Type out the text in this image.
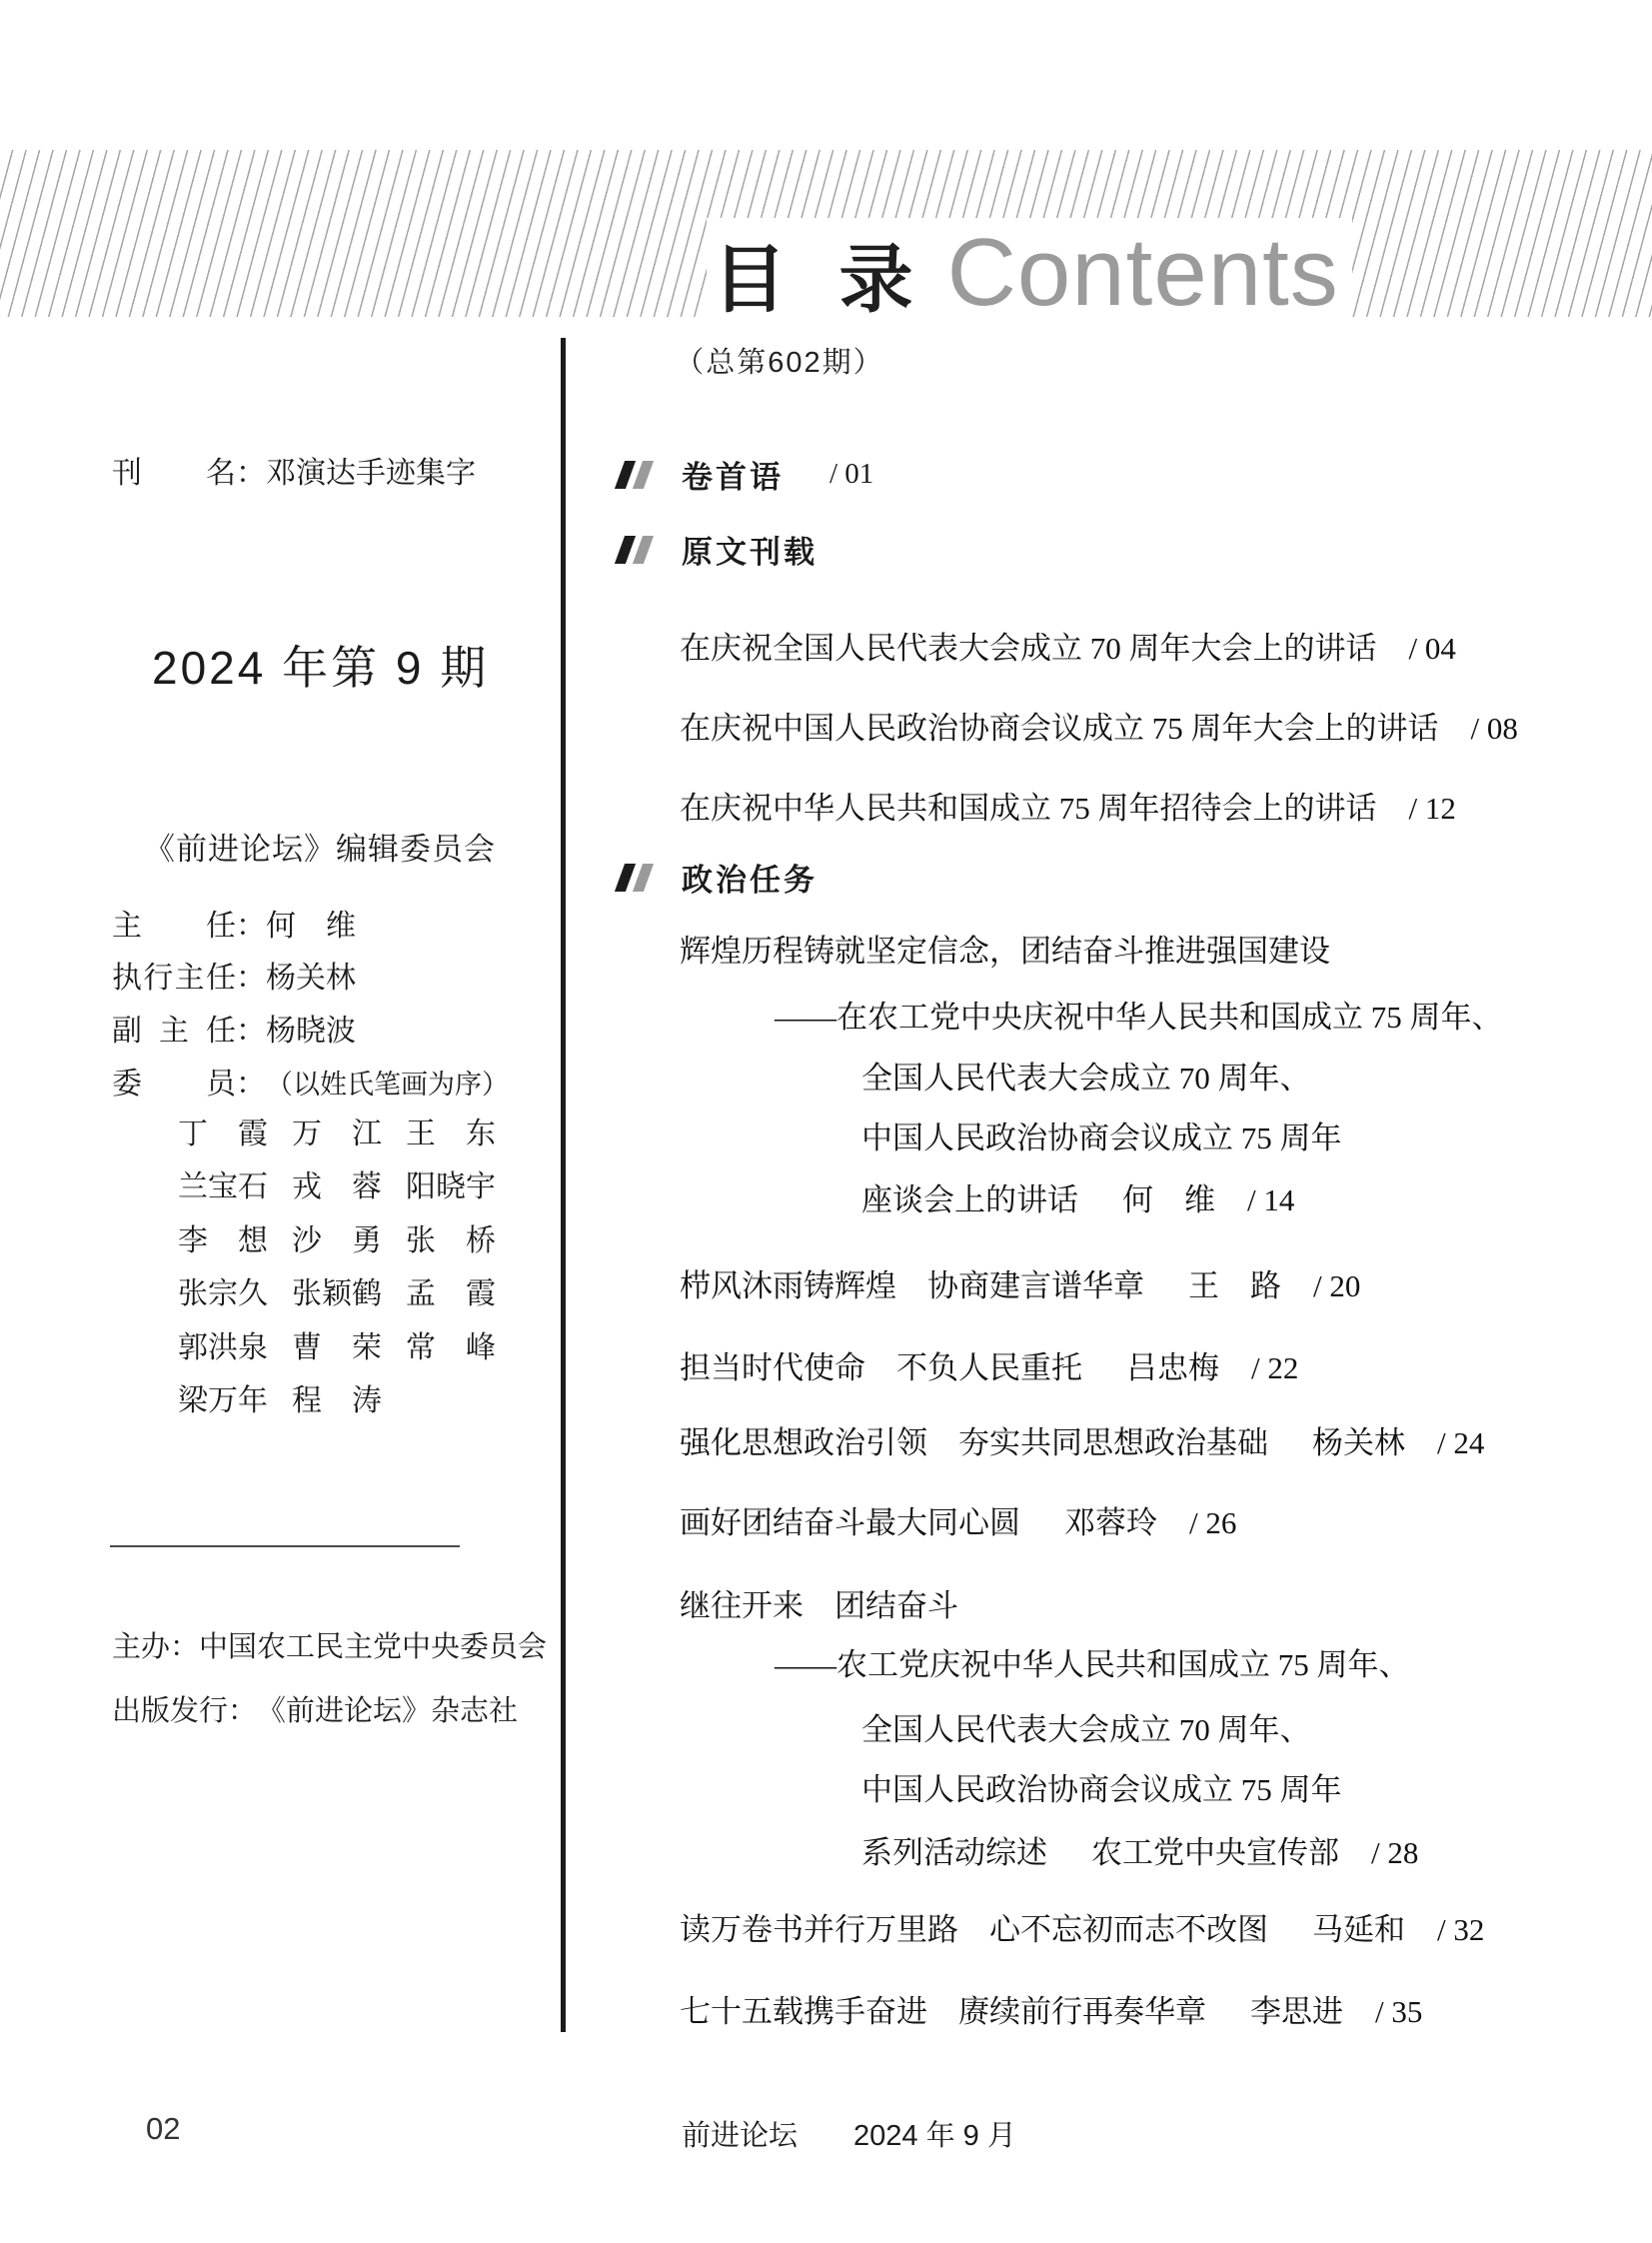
目 录 Contents
（总第602期）
刊名 ： 邓演达手迹集字
2024 年第 9 期
《前进论坛》编辑委员会
主任 ： 何　维
执行主任 ： 杨关林
副主任 ： 杨晓波
委员 ： （以姓氏笔画为序）
丁　霞 万　江 王　东
兰宝石 戎　蓉 阳晓宇
李　想 沙　勇 张　桥
张宗久 张颖鹤 孟　霞
郭洪泉 曹　荣 常　峰
梁万年 程　涛
主办 ： 中国农工民主党中央委员会
出版发行 ： 《前进论坛》杂志社
卷首语 / 01
原文刊载
在庆祝全国人民代表大会成立 70 周年大会上的讲话 / 04
在庆祝中国人民政治协商会议成立 75 周年大会上的讲话 / 08
在庆祝中华人民共和国成立 75 周年招待会上的讲话 / 12
政治任务
辉煌历程铸就坚定信念，团结奋斗推进强国建设
——在农工党中央庆祝中华人民共和国成立 75 周年、
全国人民代表大会成立 70 周年、
中国人民政治协商会议成立 75 周年
座谈会上的讲话 何　维 / 14
栉风沐雨铸辉煌　协商建言谱华章 王　路 / 20
担当时代使命　不负人民重托 吕忠梅 / 22
强化思想政治引领　夯实共同思想政治基础 杨关林 / 24
画好团结奋斗最大同心圆 邓蓉玲 / 26
继往开来　团结奋斗
——农工党庆祝中华人民共和国成立 75 周年、
全国人民代表大会成立 70 周年、
中国人民政治协商会议成立 75 周年
系列活动综述 农工党中央宣传部 / 28
读万卷书并行万里路　心不忘初而志不改图 马延和 / 32
七十五载携手奋进　赓续前行再奏华章 李思进 / 35
02	前进论坛 2024 年 9 月
